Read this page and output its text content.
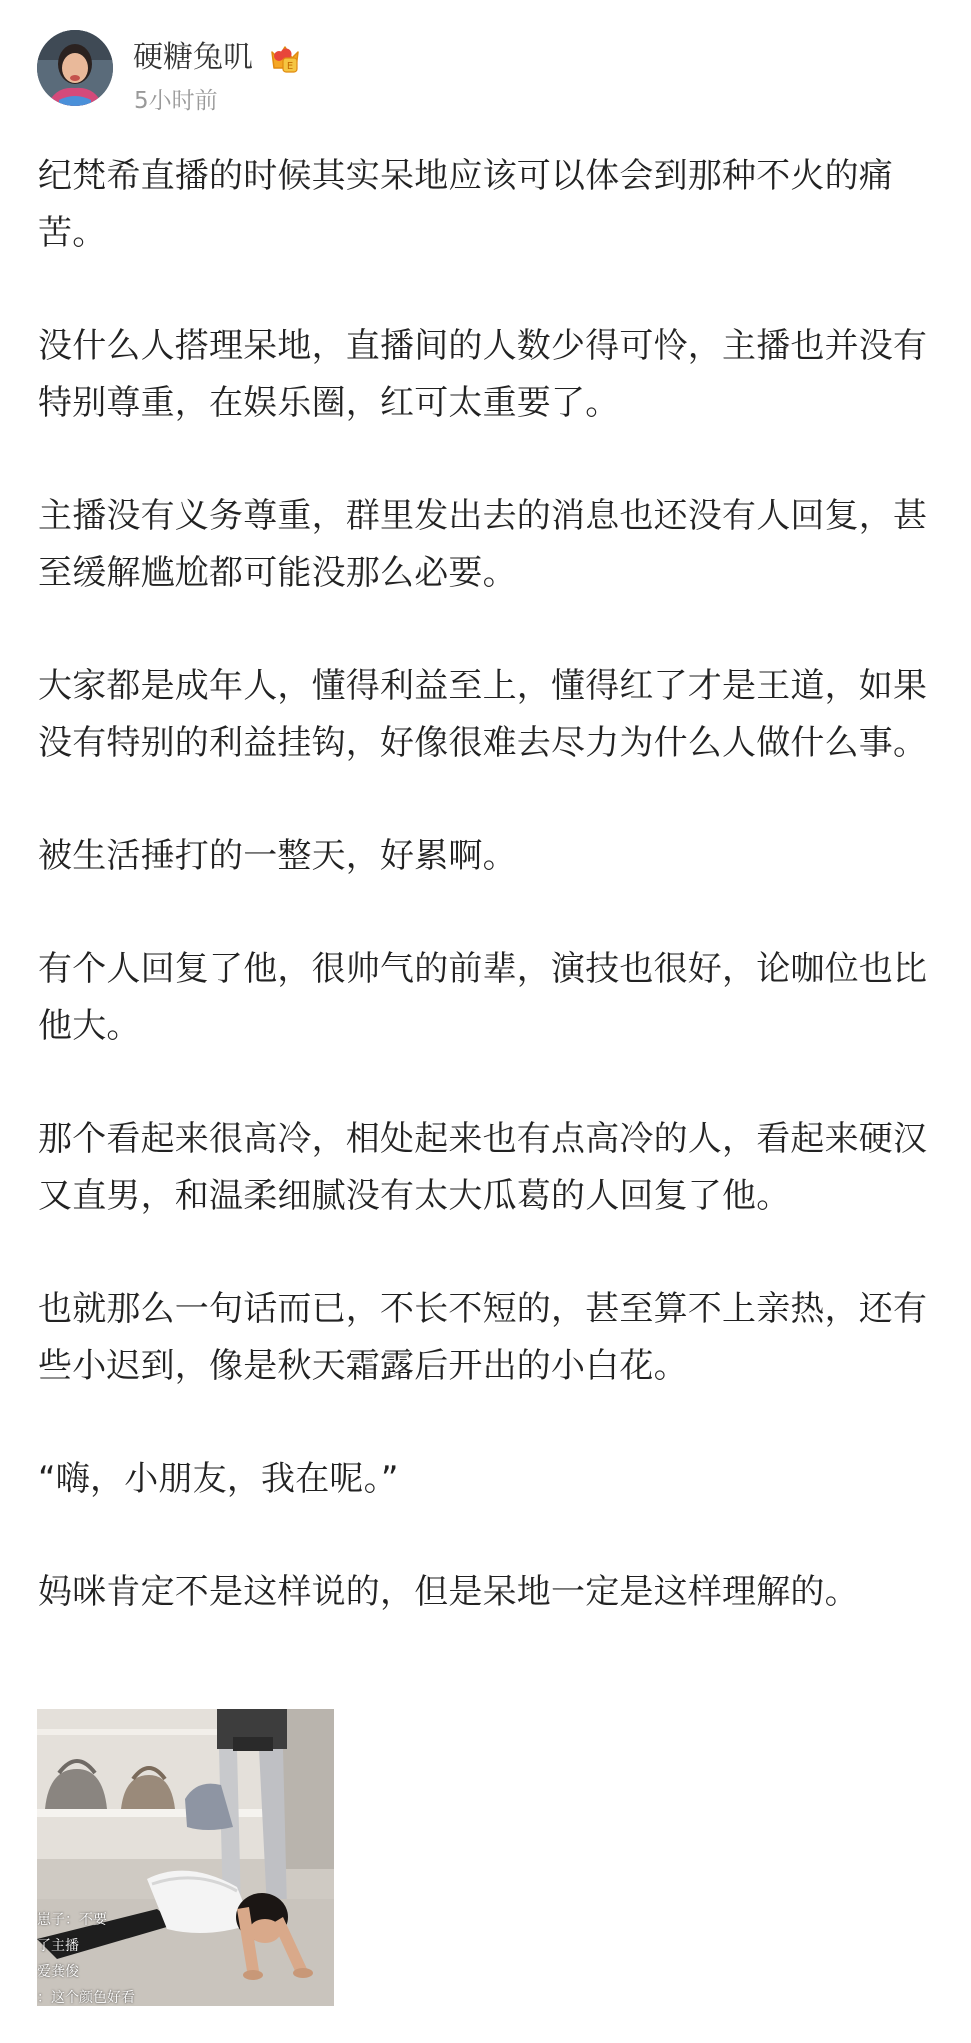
硬糖兔叽	E
5小时前

纪梵希直播的时候其实呆地应该可以体会到那种不火的痛苦。

没什么人搭理呆地，直播间的人数少得可怜，主播也并没有特别尊重，在娱乐圈，红可太重要了。

主播没有义务尊重，群里发出去的消息也还没有人回复，甚至缓解尴尬都可能没那么必要。

大家都是成年人，懂得利益至上，懂得红了才是王道，如果没有特别的利益挂钩，好像很难去尽力为什么人做什么事。

被生活捶打的一整天，好累啊。

有个人回复了他，很帅气的前辈，演技也很好，论咖位也比他大。

那个看起来很高冷，相处起来也有点高冷的人，看起来硬汉又直男，和温柔细腻没有太大瓜葛的人回复了他。

也就那么一句话而已，不长不短的，甚至算不上亲热，还有些小迟到，像是秋天霜露后开出的小白花。

“嗨，小朋友，我在呢。”

妈咪肯定不是这样说的，但是呆地一定是这样理解的。

崽子：不要
了主播
爱龚俊
：这个颜色好看
